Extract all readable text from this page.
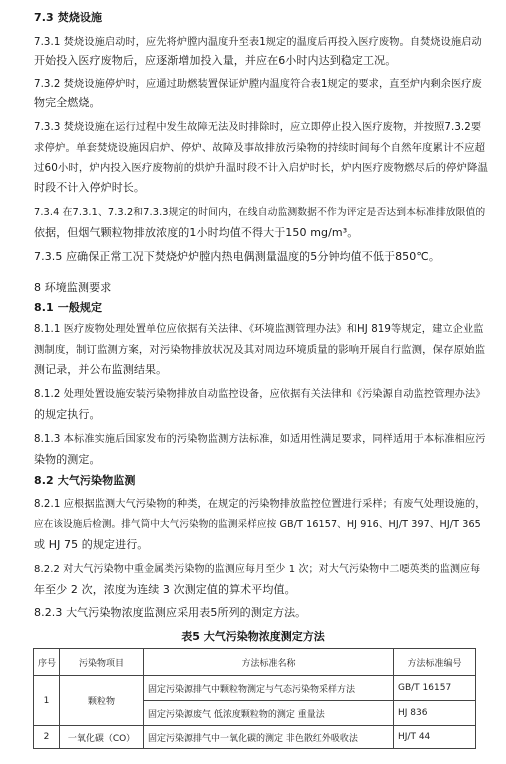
7.3 焚烧设施
7.3.1 焚烧设施启动时，应先将炉膛内温度升至表1规定的温度后再投入医疗废物。自焚烧设施启动
开始投入医疗废物后，应逐渐增加投入量，并应在6小时内达到稳定工况。
7.3.2 焚烧设施停炉时，应通过助燃装置保证炉膛内温度符合表1规定的要求，直至炉内剩余医疗废
物完全燃烧。
7.3.3 焚烧设施在运行过程中发生故障无法及时排除时，应立即停止投入医疗废物，并按照7.3.2要
求停炉。单套焚烧设施因启炉、停炉、故障及事故排放污染物的持续时间每个自然年度累计不应超
过60小时，炉内投入医疗废物前的烘炉升温时段不计入启炉时长，炉内医疗废物燃尽后的停炉降温
时段不计入停炉时长。
7.3.4 在7.3.1、7.3.2和7.3.3规定的时间内，在线自动监测数据不作为评定是否达到本标准排放限值的
依据，但烟气颗粒物排放浓度的1小时均值不得大于150 mg/m³。
7.3.5 应确保正常工况下焚烧炉炉膛内热电偶测量温度的5分钟均值不低于850℃。
8 环境监测要求
8.1 一般规定
8.1.1 医疗废物处理处置单位应依据有关法律、《环境监测管理办法》和HJ 819等规定，建立企业监
测制度，制订监测方案，对污染物排放状况及其对周边环境质量的影响开展自行监测，保存原始监
测记录，并公布监测结果。
8.1.2 处理处置设施安装污染物排放自动监控设备，应依据有关法律和《污染源自动监控管理办法》
的规定执行。
8.1.3 本标准实施后国家发布的污染物监测方法标准，如适用性满足要求，同样适用于本标准相应污
染物的测定。
8.2 大气污染物监测
8.2.1 应根据监测大气污染物的种类，在规定的污染物排放监控位置进行采样；有废气处理设施的，
应在该设施后检测。排气筒中大气污染物的监测采样应按 GB/T 16157、HJ 916、HJ/T 397、HJ/T 365
或 HJ 75 的规定进行。
8.2.2 对大气污染物中重金属类污染物的监测应每月至少 1 次；对大气污染物中二噁英类的监测应每
年至少 2 次，浓度为连续 3 次测定值的算术平均值。
8.2.3 大气污染物浓度监测应采用表5所列的测定方法。
表5 大气污染物浓度测定方法
序号	污染物项目	方法标准名称	方法标准编号
1	颗粒物	固定污染源排气中颗粒物测定与气态污染物采样方法	GB/T 16157
		固定污染源废气 低浓度颗粒物的测定 重量法	HJ 836
2	一氧化碳（CO）	固定污染源排气中一氧化碳的测定 非色散红外吸收法	HJ/T 44
